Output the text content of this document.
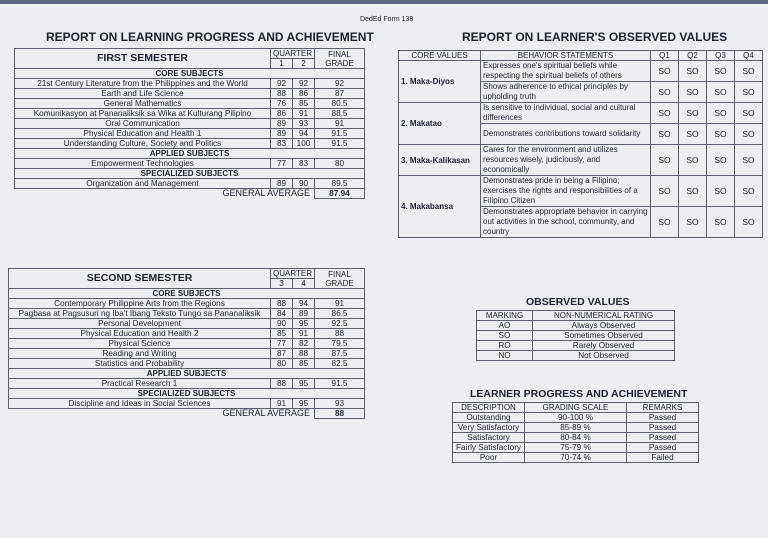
DedEd Form 138
REPORT ON LEARNING PROGRESS AND ACHIEVEMENT	REPORT ON LEARNER'S OBSERVED VALUES
FIRST SEMESTER	QUARTER		FINAL GRADE
	1	2	
CORE SUBJECTS			
21st Century Literature from the Philippines and the World	92	92	92
Earth and Life Science	88	86	87
General Mathematics	76	85	80.5
Komunikasyon at Pananaliksik sa Wika at Kulturang Pilipino	86	91	88.5
Oral Communication	89	93	91
Physical Education and Health 1	89	94	91.5
Understanding Culture, Society and Politics	83	100	91.5
APPLIED SUBJECTS			
Empowerment Technologies	77	83	80
SPECIALIZED SUBJECTS			
Organization and Management	89	90	89.5
GENERAL AVERAGE			87.94
SECOND SEMESTER	QUARTER		FINAL GRADE
	3	4	
CORE SUBJECTS			
Contemporary Philippine Arts from the Regions	88	94	91
Pagbasa at Pagsusuri ng Iba't Ibang Teksto Tungo sa Pananaliksik	84	89	86.5
Personal Development	90	95	92.5
Physical Education and Health 2	85	91	88
Physical Science	77	82	79.5
Reading and Writing	87	88	87.5
Statistics and Probability	80	85	82.5
APPLIED SUBJECTS			
Practical Research 1	88	95	91.5
SPECIALIZED SUBJECTS			
Discipline and Ideas in Social Sciences	91	95	93
GENERAL AVERAGE			88
CORE VALUES	BEHAVIOR STATEMENTS	Q1	Q2	Q3	Q4
1. Maka-Diyos	Expresses one's spiritual beliefs while respecting the spiritual beliefs of others	SO	SO	SO	SO
	Shows adherence to ethical principles by upholding truth	SO	SO	SO	SO
2. Makatao	Is sensitive to individual, social and cultural differences	SO	SO	SO	SO
	Demonstrates contributions toward solidarity	SO	SO	SO	SO
3. Maka-Kalikasan	Cares for the environment and utilizes resources wisely, judiciously, and economically	SO	SO	SO	SO
4. Makabansa	Demonstrates pride in being a Filipino; exercises the rights and responsibilities of a Filipino Citizen	SO	SO	SO	SO
	Demonstrates appropriate behavior in carrying out activities in the school, community, and country	SO	SO	SO	SO
OBSERVED VALUES
MARKING	NON-NUMERICAL RATING
AO	Always Observed
SO	Sometimes Observed
RO	Rarely Observed
NO	Not Observed
LEARNER PROGRESS AND ACHIEVEMENT
DESCRIPTION	GRADING SCALE	REMARKS
Outstanding	90-100 %	Passed
Very Satisfactory	85-89 %	Passed
Satisfactory	80-84 %	Passed
Fairly Satisfactory	75-79 %	Passed
Poor	70-74 %	Failed
